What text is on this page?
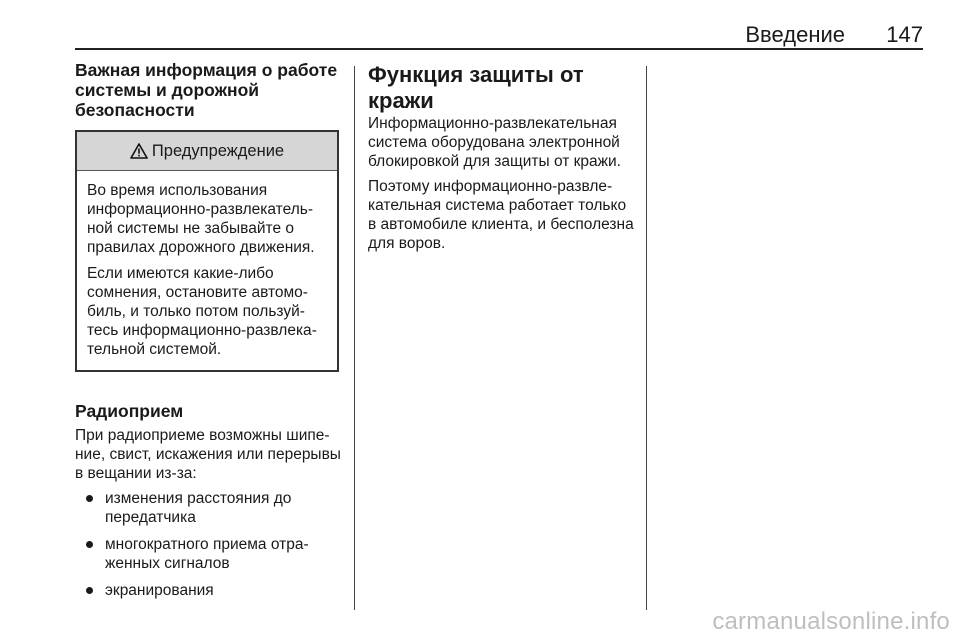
Введение 147
Важная информация о работе системы и дорожной безопасности
Предупреждение

Во время использования информационно-развлекательной системы не забывайте о правилах дорожного движения.

Если имеются какие-либо сомнения, остановите автомобиль, и только потом пользуйтесь информационно-развлекательной системой.

Радиоприем

При радиоприеме возможны шипение, свист, искажения или перерывы в вещании из-за:

изменения расстояния до передатчика
многократного приема отраженных сигналов
экранирования
Функция защиты от кражи

Информационно-развлекательная система оборудована электронной блокировкой для защиты от кражи.

Поэтому информационно-развлекательная система работает только в автомобиле клиента, и бесполезна для воров.

carmanualsonline.info
